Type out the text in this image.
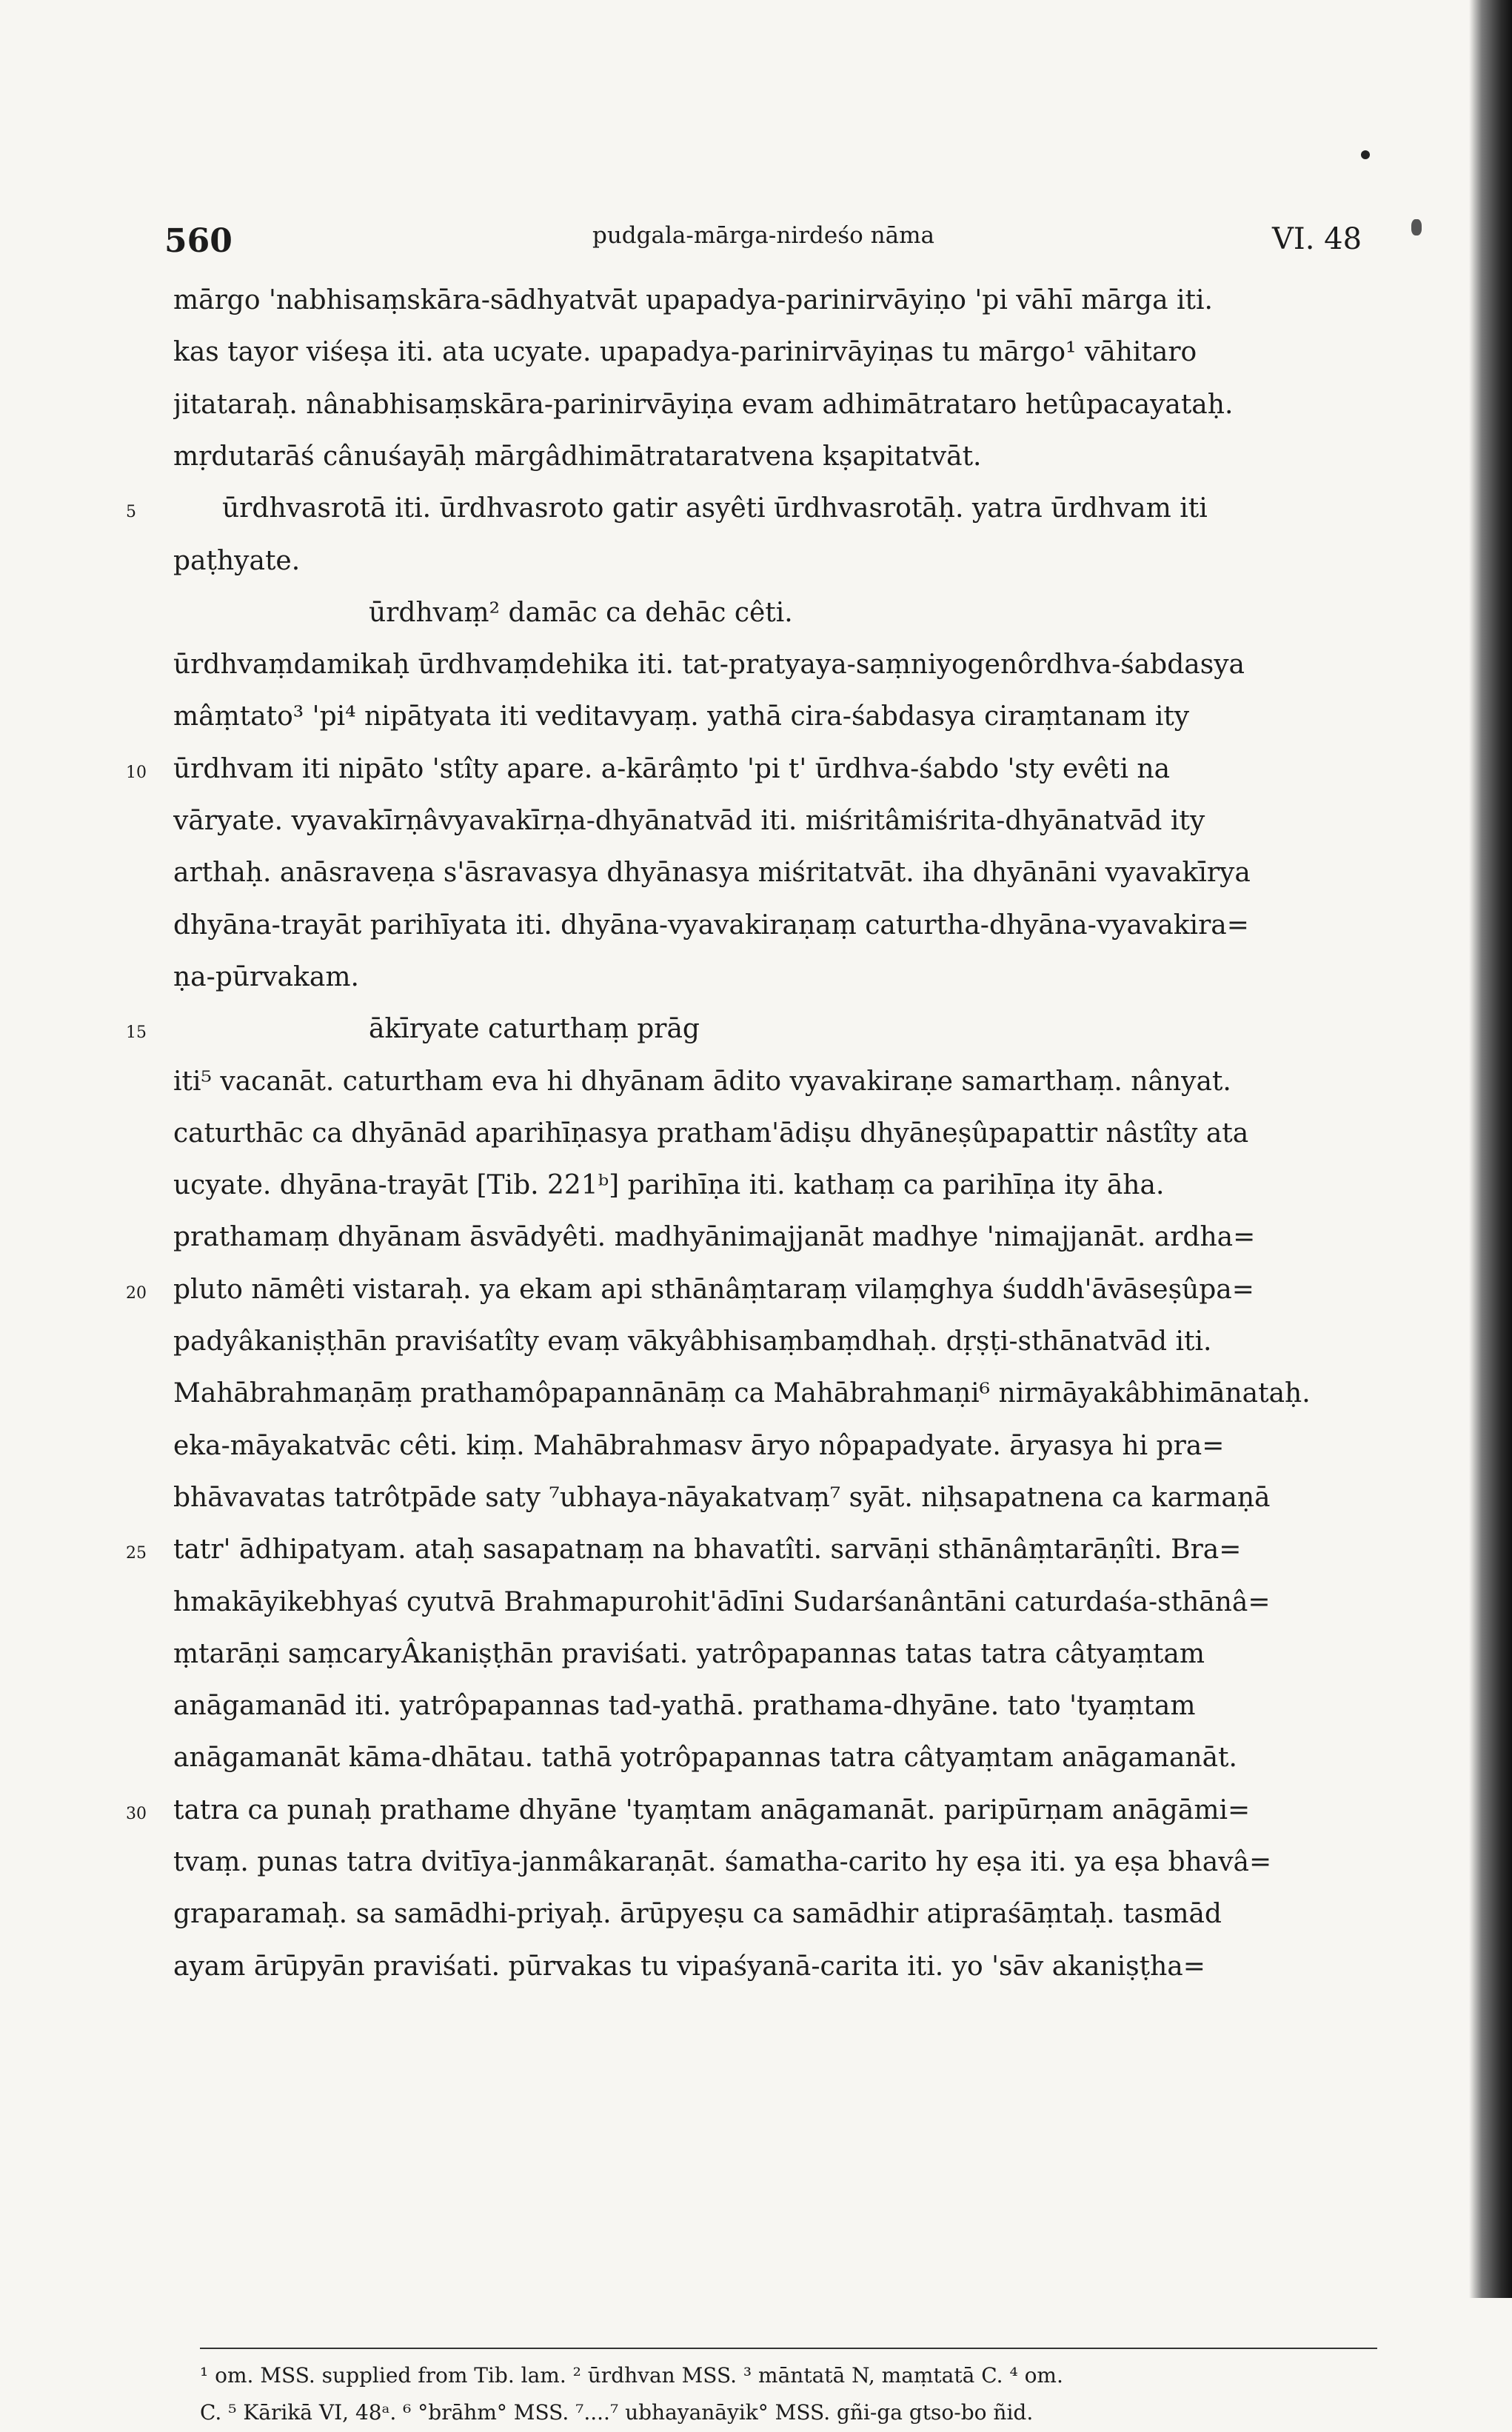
560	pudgala-mārga-nirdeśo nāma	VI. 48
mārgo 'nabhisaṃskāra-sādhyatvāt upapadya-parinirvāyiṇo 'pi vāhī mārga iti.
kas tayor viśeṣa iti. ata ucyate. upapadya-parinirvāyiṇas tu mārgo¹ vāhitaro
jitataraḥ. nânabhisaṃskāra-parinirvāyiṇa evam adhimātrataro hetûpacayataḥ.
mṛdutarāś cânuśayāḥ mārgâdhimātrataratvena kṣapitatvāt.
ūrdhvasrotā iti. ūrdhvasroto gatir asyêti ūrdhvasrotāḥ. yatra ūrdhvam iti
paṭhyate.
ūrdhvaṃ² damāc ca dehāc cêti.
ūrdhvaṃdamikaḥ ūrdhvaṃdehika iti. tat-pratyaya-saṃniyogenôrdhva-śabdasya
mâṃtato³ 'pi⁴ nipātyata iti veditavyaṃ. yathā cira-śabdasya ciraṃtanam ity
ūrdhvam iti nipāto 'stîty apare. a-kārâṃto 'pi t' ūrdhva-śabdo 'sty evêti na
vāryate. vyavakīrṇâvyavakīrṇa-dhyānatvād iti. miśritâmiśrita-dhyānatvād ity
arthaḥ. anāsraveṇa s'āsravasya dhyānasya miśritatvāt. iha dhyānāni vyavakīrya
dhyāna-trayāt parihīyata iti. dhyāna-vyavakiraṇaṃ caturtha-dhyāna-vyavakira=
ṇa-pūrvakam.
ākīryate caturthaṃ prāg
iti⁵ vacanāt. caturtham eva hi dhyānam ādito vyavakiraṇe samarthaṃ. nânyat.
caturthāc ca dhyānād aparihīṇasya pratham'ādiṣu dhyāneṣûpapattir nâstîty ata
ucyate. dhyāna-trayāt [Tib. 221ᵇ] parihīṇa iti. kathaṃ ca parihīṇa ity āha.
prathamaṃ dhyānam āsvādyêti. madhyānimajjanāt madhye 'nimajjanāt. ardha=
pluto nāmêti vistaraḥ. ya ekam api sthānâṃtaraṃ vilaṃghya śuddh'āvāseṣûpa=
padyâkaniṣṭhān praviśatîty evaṃ vākyâbhisaṃbaṃdhaḥ. dṛṣṭi-sthānatvād iti.
Mahābrahmaṇāṃ prathamôpapannānāṃ ca Mahābrahmaṇi⁶ nirmāyakâbhimānataḥ.
eka-māyakatvāc cêti. kiṃ. Mahābrahmasv āryo nôpapadyate. āryasya hi pra=
bhāvavatas tatrôtpāde saty ⁷ubhaya-nāyakatvaṃ⁷ syāt. niḥsapatnena ca karmaṇā
tatr' ādhipatyam. ataḥ sasapatnaṃ na bhavatîti. sarvāṇi sthānâṃtarāṇîti. Bra=
hmakāyikebhyaś cyutvā Brahmapurohit'ādīni Sudarśanântāni caturdaśa-sthānâ=
ṃtarāṇi saṃcaryÂkaniṣṭhān praviśati. yatrôpapannas tatas tatra câtyaṃtam
anāgamanād iti. yatrôpapannas tad-yathā. prathama-dhyāne. tato 'tyaṃtam
anāgamanāt kāma-dhātau. tathā yotrôpapannas tatra câtyaṃtam anāgamanāt.
tatra ca punaḥ prathame dhyāne 'tyaṃtam anāgamanāt. paripūrṇam anāgāmi=
tvaṃ. punas tatra dvitīya-janmâkaraṇāt. śamatha-carito hy eṣa iti. ya eṣa bhavâ=
grаparamaḥ. sa samādhi-priyaḥ. ārūpyeṣu ca samādhir atipraśāṃtaḥ. tasmād
ayam ārūpyān praviśati. pūrvakas tu vipaśyanā-carita iti. yo 'sāv akaniṣṭha=
5
10
15
20
25
30
¹ om. MSS. supplied from Tib. lam. ² ūrdhvan MSS. ³ māntatā N, maṃtatā C. ⁴ om.
C. ⁵ Kārikā VI, 48ᵃ. ⁶ °brāhm° MSS. ⁷....⁷ ubhayanāyik° MSS. gñi-ga gtso-bo ñid.
